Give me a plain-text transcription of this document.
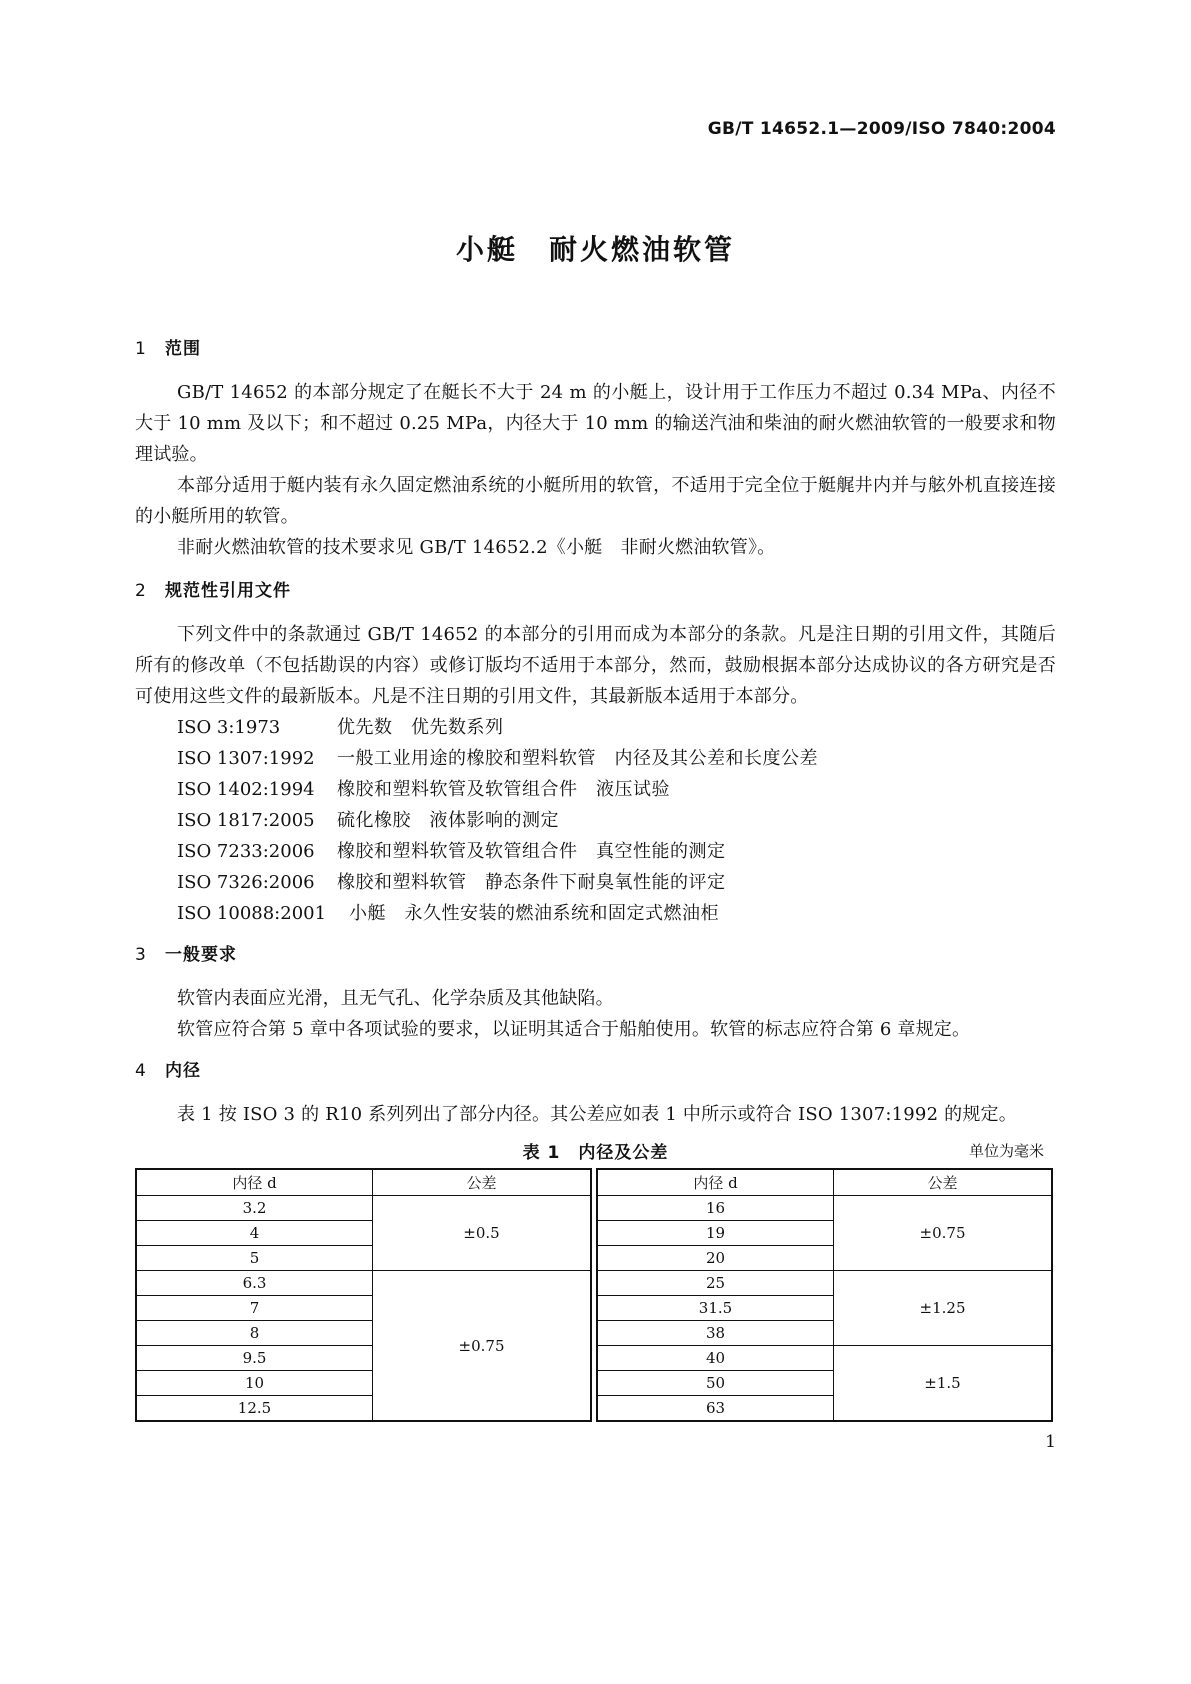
GB/T 14652.1—2009/ISO 7840:2004
小艇　耐火燃油软管
1 范围

GB/T 14652 的本部分规定了在艇长不大于 24 m 的小艇上，设计用于工作压力不超过 0.34 MPa、内径不大于 10 mm 及以下；和不超过 0.25 MPa，内径大于 10 mm 的输送汽油和柴油的耐火燃油软管的一般要求和物理试验。

本部分适用于艇内装有永久固定燃油系统的小艇所用的软管，不适用于完全位于艇艉井内并与舷外机直接连接的小艇所用的软管。

非耐火燃油软管的技术要求见 GB/T 14652.2《小艇　非耐火燃油软管》。

2 规范性引用文件

下列文件中的条款通过 GB/T 14652 的本部分的引用而成为本部分的条款。凡是注日期的引用文件，其随后所有的修改单（不包括勘误的内容）或修订版均不适用于本部分，然而，鼓励根据本部分达成协议的各方研究是否可使用这些文件的最新版本。凡是不注日期的引用文件，其最新版本适用于本部分。

ISO 3:1973	优先数　优先数系列
ISO 1307:1992 一般工业用途的橡胶和塑料软管　内径及其公差和长度公差
ISO 1402:1994 橡胶和塑料软管及软管组合件　液压试验
ISO 1817:2005 硫化橡胶　液体影响的测定
ISO 7233:2006 橡胶和塑料软管及软管组合件　真空性能的测定
ISO 7326:2006 橡胶和塑料软管　静态条件下耐臭氧性能的评定
ISO 10088:2001 小艇　永久性安装的燃油系统和固定式燃油柜
3 一般要求

软管内表面应光滑，且无气孔、化学杂质及其他缺陷。

软管应符合第 5 章中各项试验的要求，以证明其适合于船舶使用。软管的标志应符合第 6 章规定。

4 内径

表 1 按 ISO 3 的 R10 系列列出了部分内径。其公差应如表 1 中所示或符合 ISO 1307:1992 的规定。

表 1　内径及公差	单位为毫米
内径 d	公差
3.2	±0.5
4	
5	
6.3	±0.75
7	
8	
9.5	
10	
12.5	
内径 d	公差
16	±0.75
19	
20	
25	±1.25
31.5	
38	
40	±1.5
50	
63	
1
